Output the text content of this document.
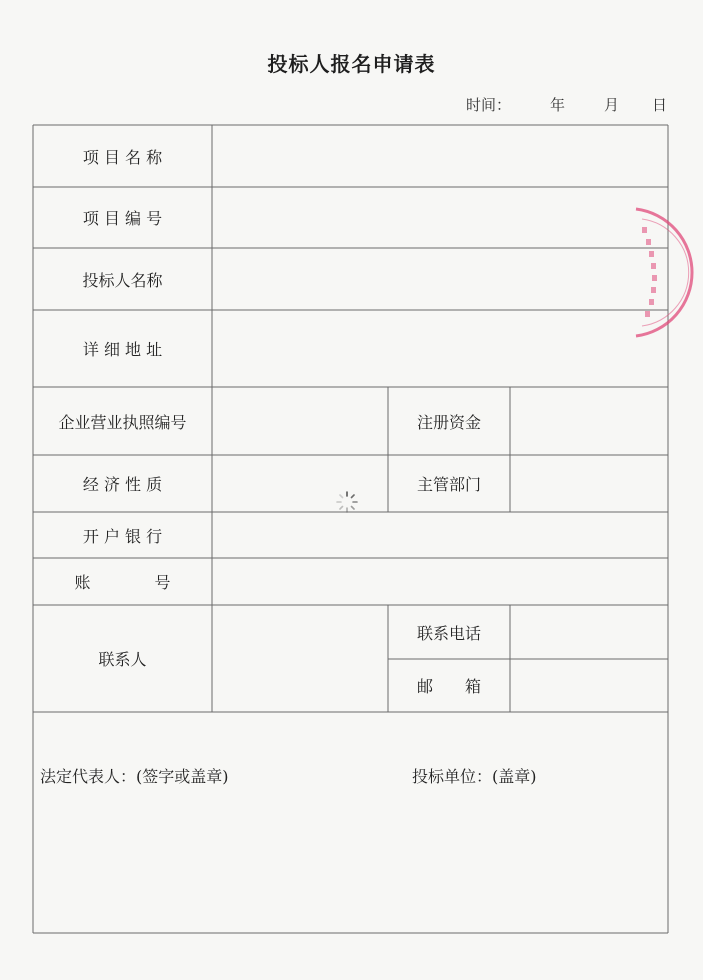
投标人报名申请表
时间：	年	月 日
项 目 名 称
项 目 编 号
投标人名称
详 细 地 址
企业营业执照编号	注册资金
经 济 性 质	主管部门
开 户 银 行
账　　　　号
联系人
联系电话
邮　　箱
法定代表人：(签字或盖章)	投标单位：(盖章)
